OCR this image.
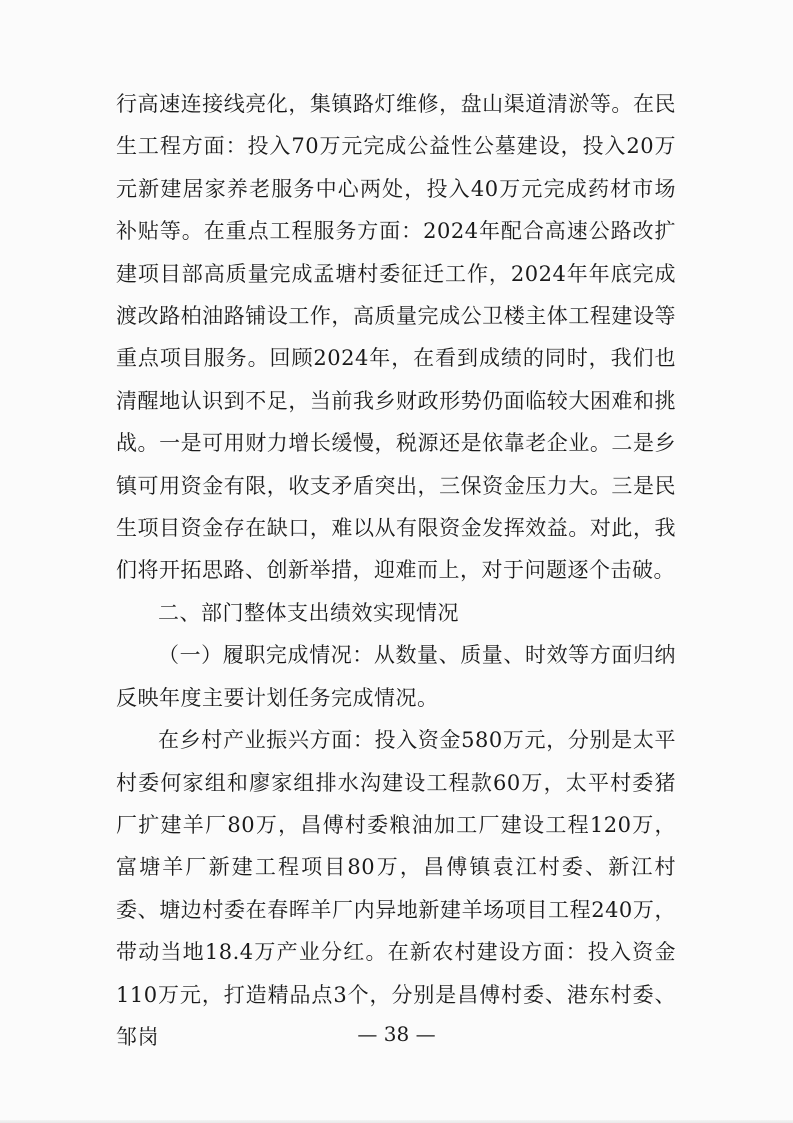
行高速连接线亮化，集镇路灯维修，盘山渠道清淤等。在民生工程方面：投入70万元完成公益性公墓建设，投入20万元新建居家养老服务中心两处，投入40万元完成药材市场补贴等。在重点工程服务方面：2024年配合高速公路改扩建项目部高质量完成孟塘村委征迁工作，2024年年底完成渡改路柏油路铺设工作，高质量完成公卫楼主体工程建设等重点项目服务。回顾2024年，在看到成绩的同时，我们也清醒地认识到不足，当前我乡财政形势仍面临较大困难和挑战。一是可用财力增长缓慢，税源还是依靠老企业。二是乡镇可用资金有限，收支矛盾突出，三保资金压力大。三是民生项目资金存在缺口，难以从有限资金发挥效益。对此，我们将开拓思路、创新举措，迎难而上，对于问题逐个击破。

二、部门整体支出绩效实现情况

（一）履职完成情况：从数量、质量、时效等方面归纳反映年度主要计划任务完成情况。

在乡村产业振兴方面：投入资金580万元，分别是太平村委何家组和廖家组排水沟建设工程款60万，太平村委猪厂扩建羊厂80万，昌傅村委粮油加工厂建设工程120万，富塘羊厂新建工程项目80万，昌傅镇袁江村委、新江村委、塘边村委在春晖羊厂内异地新建羊场项目工程240万，带动当地18.4万产业分红。在新农村建设方面：投入资金110万元，打造精品点3个，分别是昌傅村委、港东村委、邹岗	— 38 —
